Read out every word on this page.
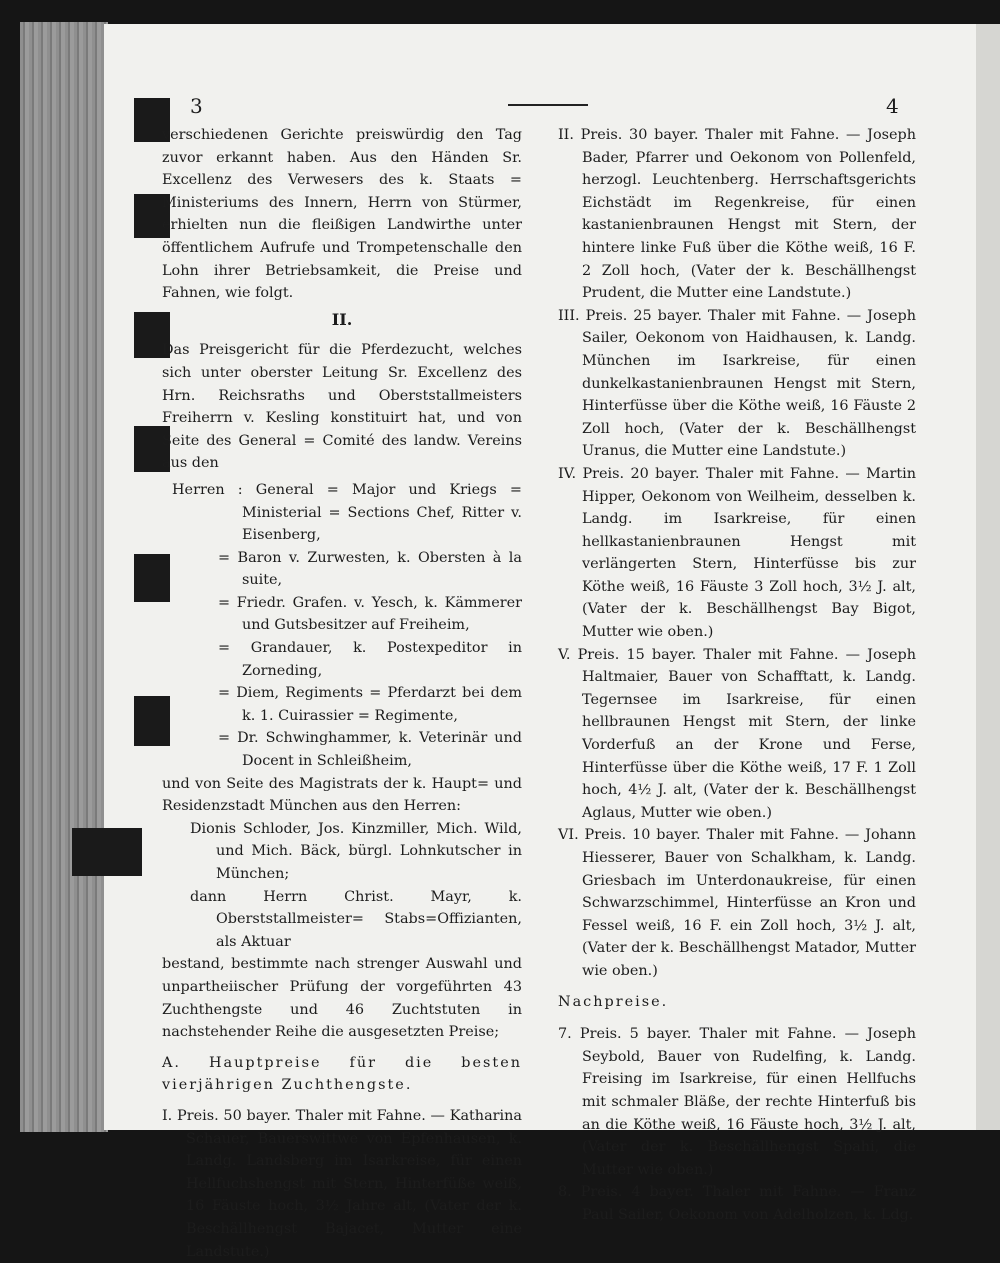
3	4

verschiedenen Gerichte preiswürdig den Tag zuvor erkannt haben. Aus den Händen Sr. Excellenz des Verwesers des k. Staats = Ministeriums des Innern, Herrn von Stürmer, erhielten nun die fleißigen Landwirthe unter öffentlichem Aufrufe und Trompetenschalle den Lohn ihrer Betriebsamkeit, die Preise und Fahnen, wie folgt.

II.

Das Preisgericht für die Pferdezucht, welches sich unter oberster Leitung Sr. Excellenz des Hrn. Reichsraths und Oberststallmeisters Freiherrn v. Kesling konstituirt hat, und von Seite des General = Comité des landw. Vereins aus den

Herren : General = Major und Kriegs = Ministerial = Sections Chef, Ritter v. Eisenberg,

= Baron v. Zurwesten, k. Obersten à la suite,

= Friedr. Grafen. v. Yesch, k. Kämmerer und Gutsbesitzer auf Freiheim,

= Grandauer, k. Postexpeditor in Zorneding,

= Diem, Regiments = Pferdarzt bei dem k. 1. Cuirassier = Regimente,

= Dr. Schwinghammer, k. Veterinär und Docent in Schleißheim,

und von Seite des Magistrats der k. Haupt= und Residenzstadt München aus den Herren:

Dionis Schloder, Jos. Kinzmiller, Mich. Wild, und Mich. Bäck, bürgl. Lohnkutscher in München;

dann Herrn Christ. Mayr, k. Oberststallmeister= Stabs=Offizianten, als Aktuar

bestand, bestimmte nach strenger Auswahl und unpartheiischer Prüfung der vorgeführten 43 Zuchthengste und 46 Zuchtstuten in nachstehender Reihe die ausgesetzten Preise;

A. Hauptpreise für die besten vierjährigen Zuchthengste.

I. Preis. 50 bayer. Thaler mit Fahne. — Katharina Schauer, Bauerswittwe von Epfenhausen, k. Landg. Landsberg im Isarkreise, für einen Hellfuchshengst mit Stern, Hinterfüße weiß, 16 Fäuste hoch, 3½ Jahre alt, (Vater der k. Beschällhengst Bajacet, Mutter eine Landstute.)

II. Preis. 30 bayer. Thaler mit Fahne. — Joseph Bader, Pfarrer und Oekonom von Pollenfeld, herzogl. Leuchtenberg. Herrschaftsgerichts Eichstädt im Regenkreise, für einen kastanienbraunen Hengst mit Stern, der hintere linke Fuß über die Köthe weiß, 16 F. 2 Zoll hoch, (Vater der k. Beschällhengst Prudent, die Mutter eine Landstute.)

III. Preis. 25 bayer. Thaler mit Fahne. — Joseph Sailer, Oekonom von Haidhausen, k. Landg. München im Isarkreise, für einen dunkelkastanienbraunen Hengst mit Stern, Hinterfüsse über die Köthe weiß, 16 Fäuste 2 Zoll hoch, (Vater der k. Beschällhengst Uranus, die Mutter eine Landstute.)

IV. Preis. 20 bayer. Thaler mit Fahne. — Martin Hipper, Oekonom von Weilheim, desselben k. Landg. im Isarkreise, für einen hellkastanienbraunen Hengst mit verlängerten Stern, Hinterfüsse bis zur Köthe weiß, 16 Fäuste 3 Zoll hoch, 3½ J. alt, (Vater der k. Beschällhengst Bay Bigot, Mutter wie oben.)

V. Preis. 15 bayer. Thaler mit Fahne. — Joseph Haltmaier, Bauer von Schafftatt, k. Landg. Tegernsee im Isarkreise, für einen hellbraunen Hengst mit Stern, der linke Vorderfuß an der Krone und Ferse, Hinterfüsse über die Köthe weiß, 17 F. 1 Zoll hoch, 4½ J. alt, (Vater der k. Beschällhengst Aglaus, Mutter wie oben.)

VI. Preis. 10 bayer. Thaler mit Fahne. — Johann Hiesserer, Bauer von Schalkham, k. Landg. Griesbach im Unterdonaukreise, für einen Schwarzschimmel, Hinterfüsse an Kron und Fessel weiß, 16 F. ein Zoll hoch, 3½ J. alt, (Vater der k. Beschällhengst Matador, Mutter wie oben.)

Nachpreise.

7. Preis. 5 bayer. Thaler mit Fahne. — Joseph Seybold, Bauer von Rudelfing, k. Landg. Freising im Isarkreise, für einen Hellfuchs mit schmaler Bläße, der rechte Hinterfuß bis an die Köthe weiß, 16 Fäuste hoch, 3½ J. alt, (Vater der k. Beschällhengst Spahi, die Mutter wie oben.)

8. Preis. 4 bayer. Thaler mit Fahne. — Franz Paul Sailer, Oekonom von Adelholzen, k. Ldg.
